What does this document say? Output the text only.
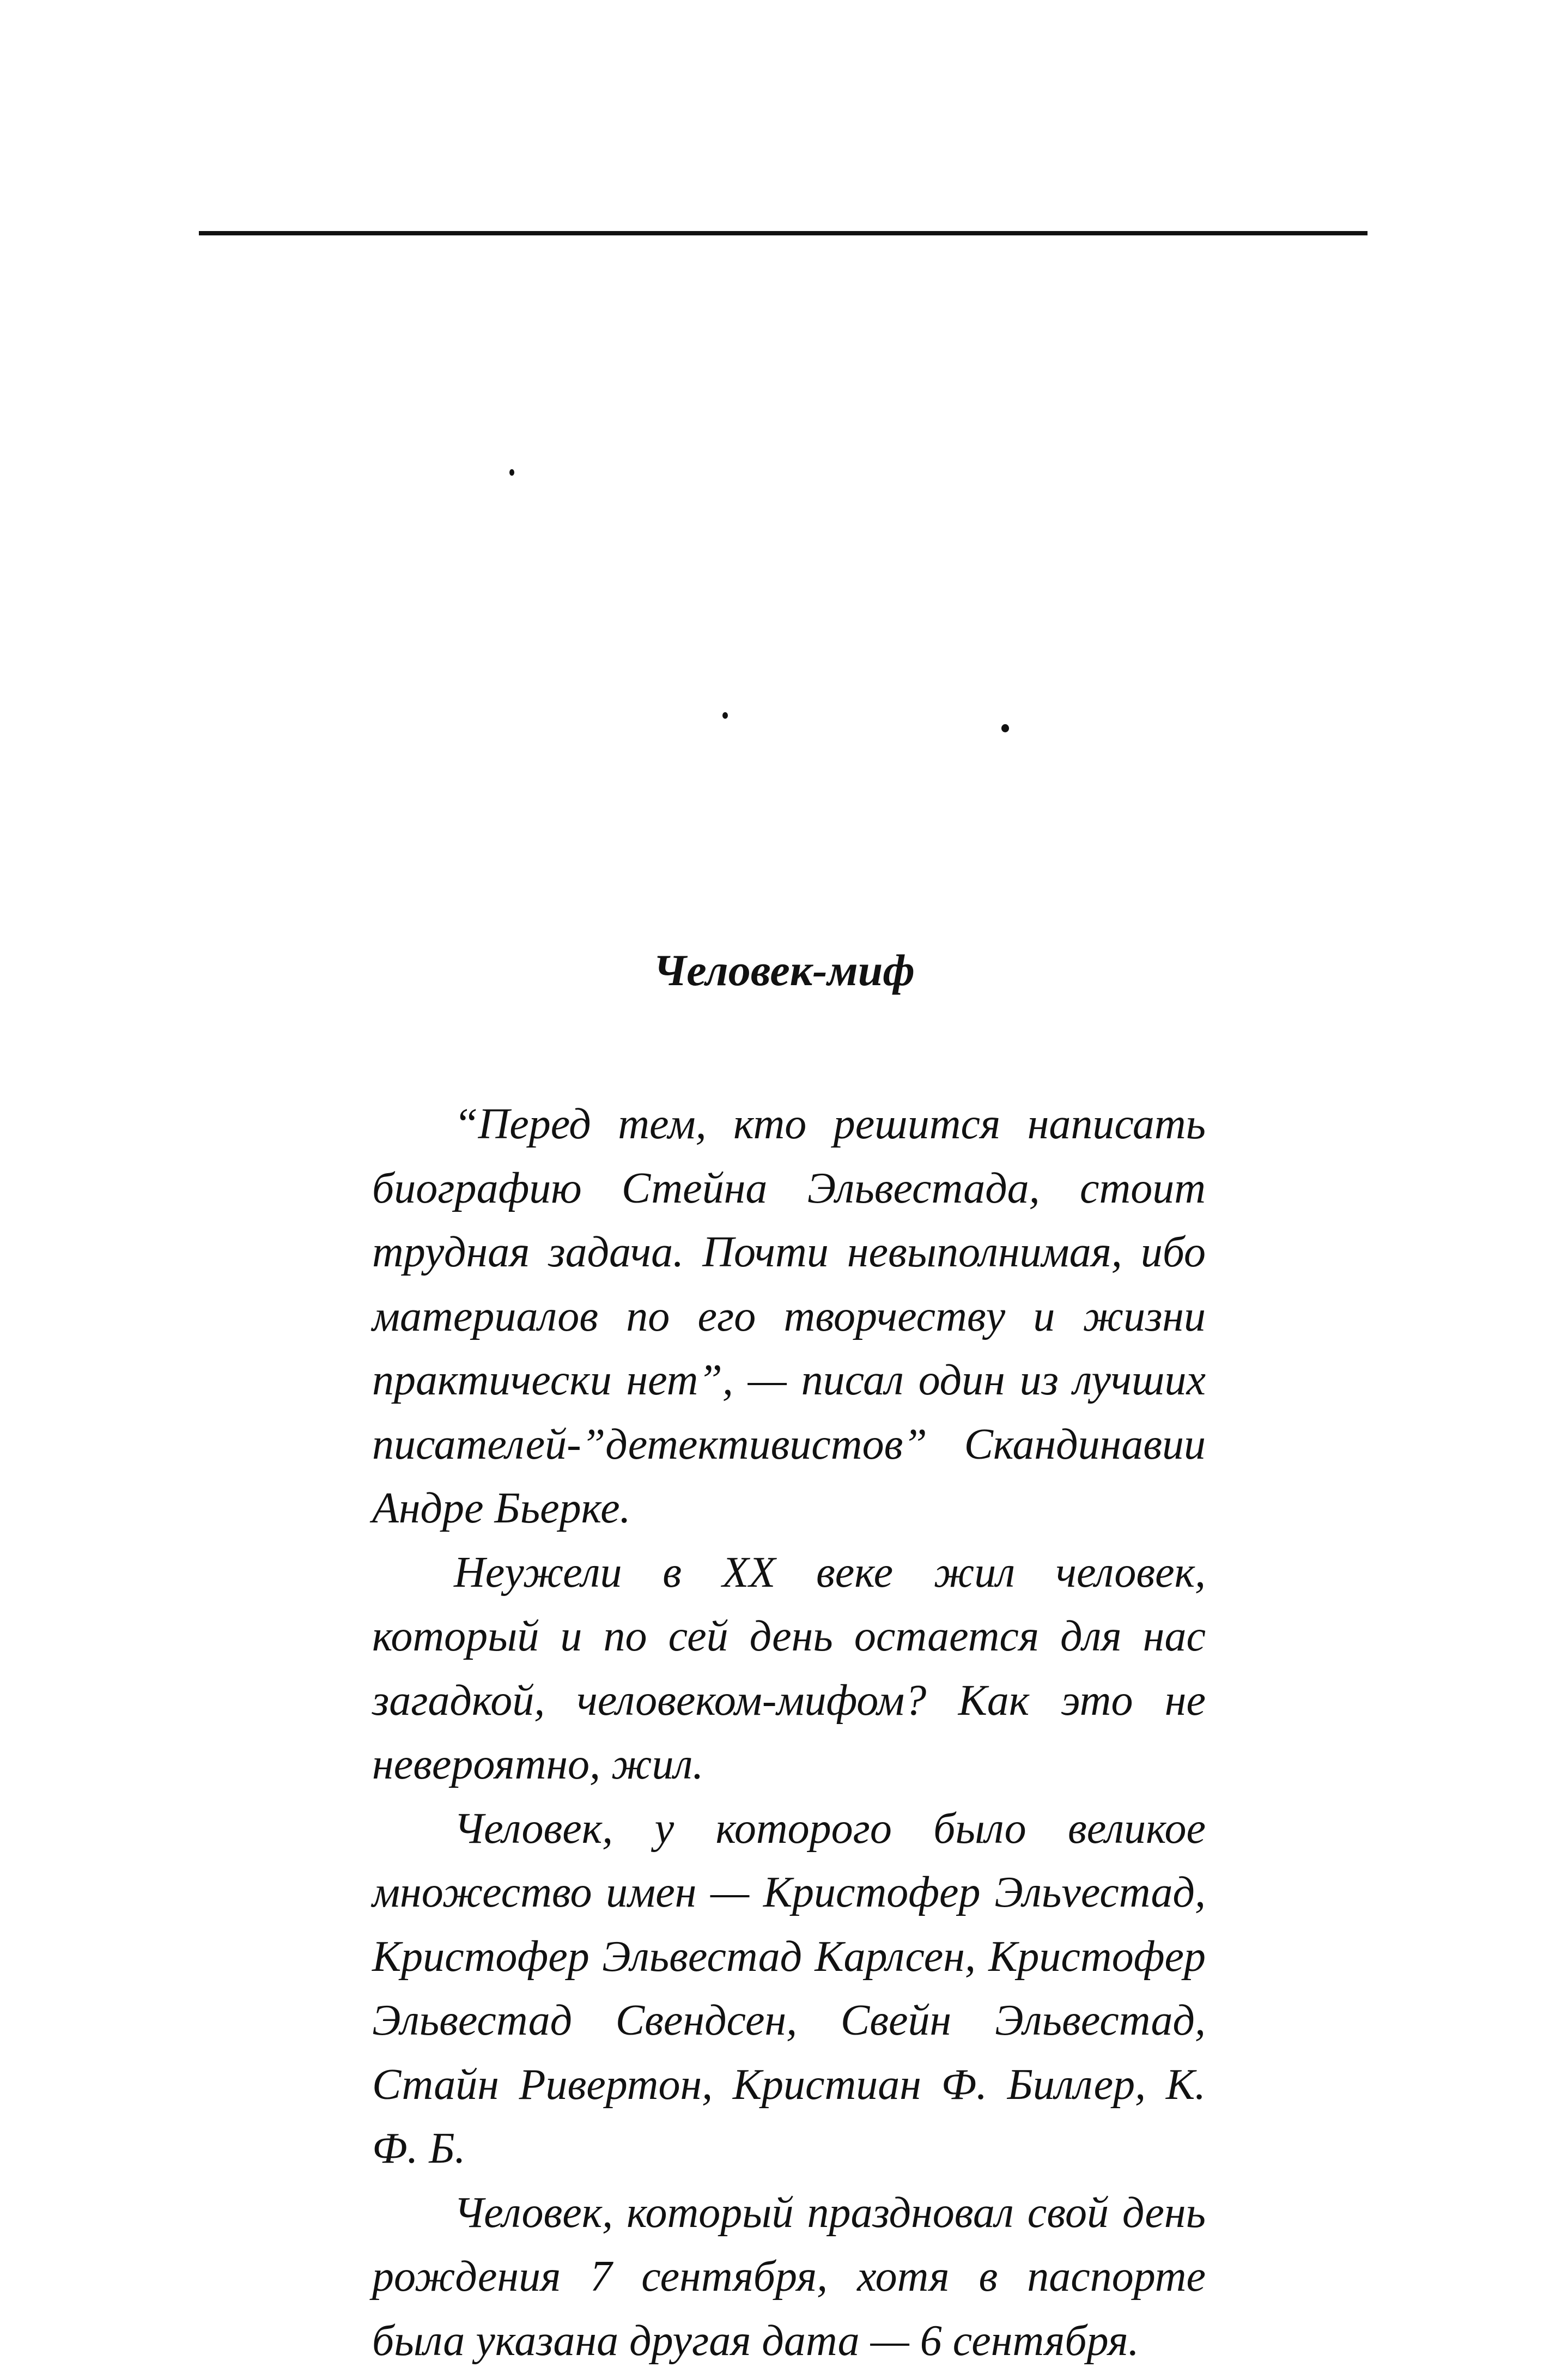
Человек-миф

“Перед тем, кто решится написать биографию Стейна Эльвестада, стоит трудная задача. Почти невыполнимая, ибо материалов по его творчеству и жизни практически нет”, — писал один из лучших писателей-”детективистов” Скандинавии Андре Бьерке.

Неужели в XX веке жил человек, который и по сей день остается для нас загадкой, человеком-мифом? Как это не невероятно, жил.

Человек, у которого было великое множество имен — Кристофер Эльvестад, Кристофер Эльвестад Карлсен, Кристофер Эльвестад Свендсен, Свейн Эльвестад, Стайн Ривертон, Кристиан Ф. Биллер, К. Ф. Б.

Человек, который праздновал свой день рождения 7 сентября, хотя в паспорте была указана другая дата — 6 сентября.
